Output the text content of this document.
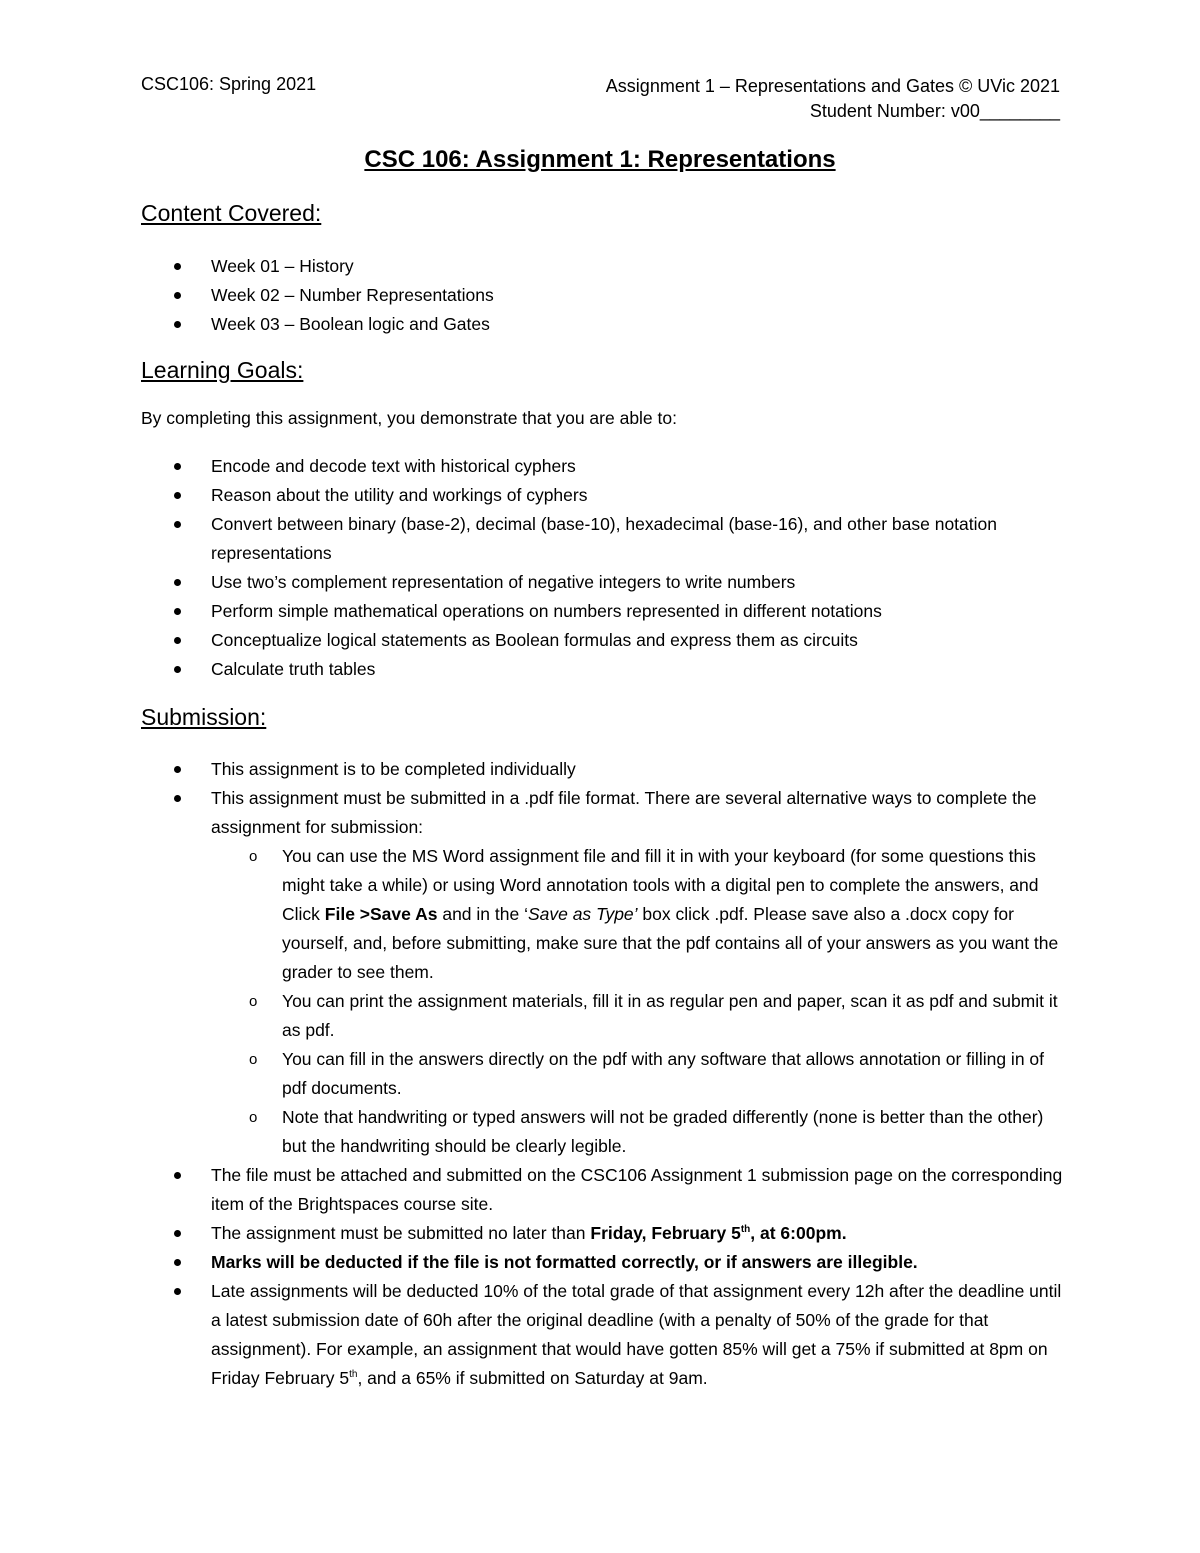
CSC106: Spring 2021	Assignment 1 – Representations and Gates © UVic 2021
Student Number: v00________
CSC 106: Assignment 1: Representations
Content Covered:
Week 01 – History
Week 02 – Number Representations
Week 03 – Boolean logic and Gates
Learning Goals:
By completing this assignment, you demonstrate that you are able to:
Encode and decode text with historical cyphers
Reason about the utility and workings of cyphers
Convert between binary (base-2), decimal (base-10), hexadecimal (base-16), and other base notation representations
Use two’s complement representation of negative integers to write numbers
Perform simple mathematical operations on numbers represented in different notations
Conceptualize logical statements as Boolean formulas and express them as circuits
Calculate truth tables
Submission:
This assignment is to be completed individually
This assignment must be submitted in a .pdf file format. There are several alternative ways to complete the assignment for submission:
o You can use the MS Word assignment file and fill it in with your keyboard (for some questions this might take a while) or using Word annotation tools with a digital pen to complete the answers, and Click File >Save As and in the ‘Save as Type’ box click .pdf. Please save also a .docx copy for yourself, and, before submitting, make sure that the pdf contains all of your answers as you want the grader to see them.
o You can print the assignment materials, fill it in as regular pen and paper, scan it as pdf and submit it as pdf.
o You can fill in the answers directly on the pdf with any software that allows annotation or filling in of pdf documents.
o Note that handwriting or typed answers will not be graded differently (none is better than the other) but the handwriting should be clearly legible.
The file must be attached and submitted on the CSC106 Assignment 1 submission page on the corresponding item of the Brightspaces course site.
The assignment must be submitted no later than Friday, February 5th, at 6:00pm.
Marks will be deducted if the file is not formatted correctly, or if answers are illegible.
Late assignments will be deducted 10% of the total grade of that assignment every 12h after the deadline until a latest submission date of 60h after the original deadline (with a penalty of 50% of the grade for that assignment). For example, an assignment that would have gotten 85% will get a 75% if submitted at 8pm on Friday February 5th, and a 65% if submitted on Saturday at 9am.
